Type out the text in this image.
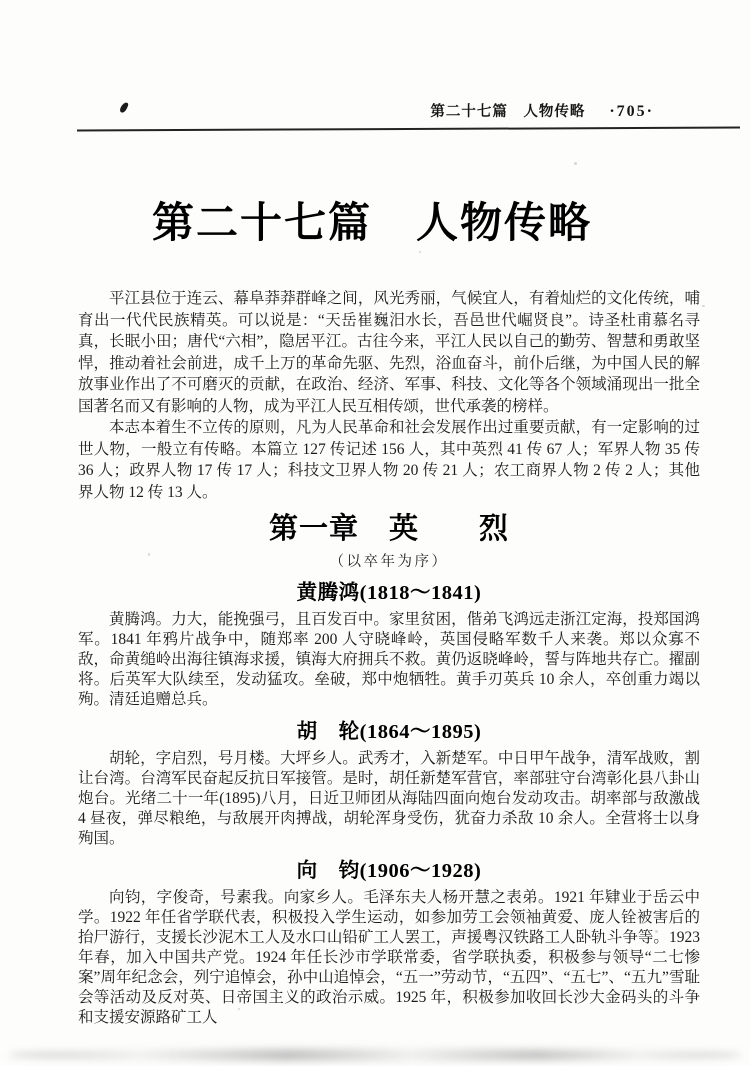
第二十七篇　人物传略 ·705·
第二十七篇　人物传略

平江县位于连云、幕阜莽莽群峰之间，风光秀丽，气候宜人，有着灿烂的文化传统，哺育出一代代民族精英。可以说是：“天岳崔巍汨水长，吾邑世代崛贤良”。诗圣杜甫慕名寻真，长眠小田；唐代“六相”，隐居平江。古往今来，平江人民以自己的勤劳、智慧和勇敢坚悍，推动着社会前进，成千上万的革命先驱、先烈，浴血奋斗，前仆后继，为中国人民的解放事业作出了不可磨灭的贡献，在政治、经济、军事、科技、文化等各个领域涌现出一批全国著名而又有影响的人物，成为平江人民互相传颂，世代承袭的榜样。

本志本着生不立传的原则，凡为人民革命和社会发展作出过重要贡献，有一定影响的过世人物，一般立有传略。本篇立 127 传记述 156 人，其中英烈 41 传 67 人；军界人物 35 传 36 人；政界人物 17 传 17 人；科技文卫界人物 20 传 21 人；农工商界人物 2 传 2 人；其他界人物 12 传 13 人。

第一章　英　　烈
（以卒年为序）
黄腾鸿(1818～1841)

黄腾鸿。力大，能挽强弓，且百发百中。家里贫困，偕弟飞鸿远走浙江定海，投郑国鸿军。1841 年鸦片战争中，随郑率 200 人守晓峰岭，英国侵略军数千人来袭。郑以众寡不敌，命黄缒岭出海往镇海求援，镇海大府拥兵不救。黄仍返晓峰岭，誓与阵地共存亡。擢副将。后英军大队续至，发动猛攻。垒破，郑中炮牺牲。黄手刃英兵 10 余人，卒创重力竭以殉。清廷追赠总兵。

胡　轮(1864～1895)

胡轮，字启烈，号月楼。大坪乡人。武秀才，入新楚军。中日甲午战争，清军战败，割让台湾。台湾军民奋起反抗日军接管。是时，胡任新楚军营官，率部驻守台湾彰化县八卦山炮台。光绪二十一年(1895)八月，日近卫师团从海陆四面向炮台发动攻击。胡率部与敌激战 4 昼夜，弹尽粮绝，与敌展开肉搏战，胡轮浑身受伤，犹奋力杀敌 10 余人。全营将士以身殉国。

向　钧(1906～1928)

向钧，字俊奇，号素我。向家乡人。毛泽东夫人杨开慧之表弟。1921 年肄业于岳云中学。1922 年任省学联代表，积极投入学生运动，如参加劳工会领袖黄爱、庞人铨被害后的抬尸游行，支援长沙泥木工人及水口山铅矿工人罢工，声援粤汉铁路工人卧轨斗争等。1923 年春，加入中国共产党。1924 年任长沙市学联常委，省学联执委，积极参与领导“二七惨案”周年纪念会，列宁追悼会，孙中山追悼会，“五一”劳动节，“五四”、“五七”、“五九”雪耻会等活动及反对英、日帝国主义的政治示威。1925 年，积极参加收回长沙大金码头的斗争和支援安源路矿工人
